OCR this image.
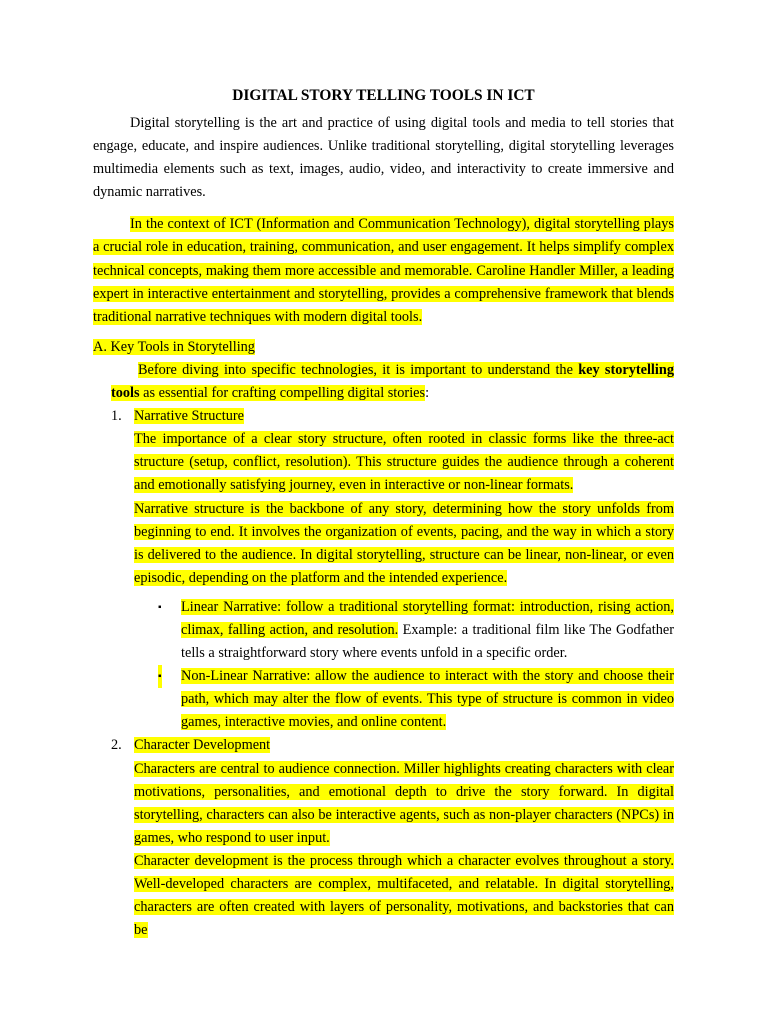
DIGITAL STORY TELLING TOOLS IN ICT

Digital storytelling is the art and practice of using digital tools and media to tell stories that engage, educate, and inspire audiences. Unlike traditional storytelling, digital storytelling leverages multimedia elements such as text, images, audio, video, and interactivity to create immersive and dynamic narratives.

In the context of ICT (Information and Communication Technology), digital storytelling plays a crucial role in education, training, communication, and user engagement. It helps simplify complex technical concepts, making them more accessible and memorable. Caroline Handler Miller, a leading expert in interactive entertainment and storytelling, provides a comprehensive framework that blends traditional narrative techniques with modern digital tools.

A. Key Tools in Storytelling

Before diving into specific technologies, it is important to understand the key storytelling tools as essential for crafting compelling digital stories:

1. Narrative Structure

The importance of a clear story structure, often rooted in classic forms like the three-act structure (setup, conflict, resolution). This structure guides the audience through a coherent and emotionally satisfying journey, even in interactive or non-linear formats.

Narrative structure is the backbone of any story, determining how the story unfolds from beginning to end. It involves the organization of events, pacing, and the way in which a story is delivered to the audience. In digital storytelling, structure can be linear, non-linear, or even episodic, depending on the platform and the intended experience.

▪ Linear Narrative: follow a traditional storytelling format: introduction, rising action, climax, falling action, and resolution. Example: a traditional film like The Godfather tells a straightforward story where events unfold in a specific order.

▪ Non-Linear Narrative: allow the audience to interact with the story and choose their path, which may alter the flow of events. This type of structure is common in video games, interactive movies, and online content.

2. Character Development

Characters are central to audience connection. Miller highlights creating characters with clear motivations, personalities, and emotional depth to drive the story forward. In digital storytelling, characters can also be interactive agents, such as non-player characters (NPCs) in games, who respond to user input.

Character development is the process through which a character evolves throughout a story. Well-developed characters are complex, multifaceted, and relatable. In digital storytelling, characters are often created with layers of personality, motivations, and backstories that can be
